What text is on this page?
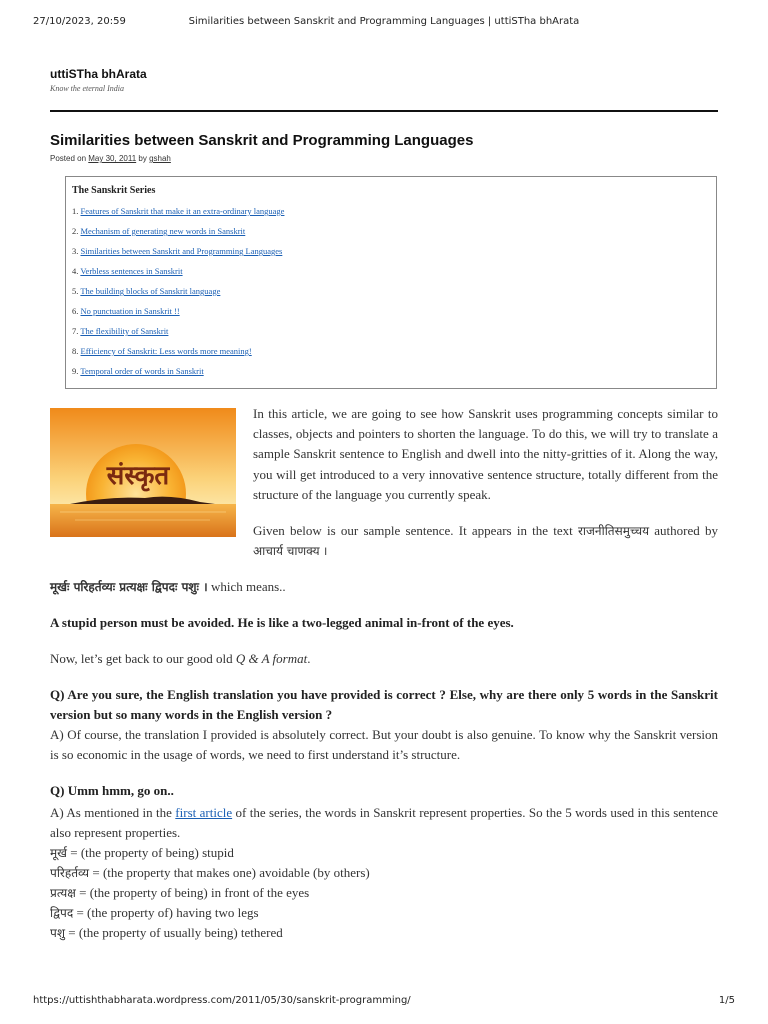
27/10/2023, 20:59	Similarities between Sanskrit and Programming Languages | uttiSTha bhArata
uttiSTha bhArata
Know the eternal India
Similarities between Sanskrit and Programming Languages
Posted on May 30, 2011 by gshah
The Sanskrit Series
1. Features of Sanskrit that make it an extra-ordinary language
2. Mechanism of generating new words in Sanskrit
3. Similarities between Sanskrit and Programming Languages
4. Verbless sentences in Sanskrit
5. The building blocks of Sanskrit language
6. No punctuation in Sanskrit !!
7. The flexibility of Sanskrit
8. Efficiency of Sanskrit: Less words more meaning!
9. Temporal order of words in Sanskrit
संस्कृत

In this article, we are going to see how Sanskrit uses programming concepts similar to classes, objects and pointers to shorten the language. To do this, we will try to translate a sample Sanskrit sentence to English and dwell into the nitty-gritties of it. Along the way, you will get introduced to a very innovative sentence structure, totally different from the structure of the language you currently speak.

Given below is our sample sentence. It appears in the text राजनीतिसमुच्चय authored by आचार्य चाणक्य ।

मूर्खः परिहर्तव्यः प्रत्यक्षः द्विपदः पशुः । which means..

A stupid person must be avoided. He is like a two-legged animal in-front of the eyes.

Now, let’s get back to our good old Q & A format.

Q) Are you sure, the English translation you have provided is correct ? Else, why are there only 5 words in the Sanskrit version but so many words in the English version ?

A) Of course, the translation I provided is absolutely correct. But your doubt is also genuine. To know why the Sanskrit version is so economic in the usage of words, we need to first understand it’s structure.

Q) Umm hmm, go on..

A) As mentioned in the first article of the series, the words in Sanskrit represent properties. So the 5 words used in this sentence also represent properties.

मूर्ख = (the property of being) stupid
परिहर्तव्य = (the property that makes one) avoidable (by others)
प्रत्यक्ष = (the property of being) in front of the eyes
द्विपद = (the property of) having two legs
पशु = (the property of usually being) tethered
https://uttishthabharata.wordpress.com/2011/05/30/sanskrit-programming/	1/5
